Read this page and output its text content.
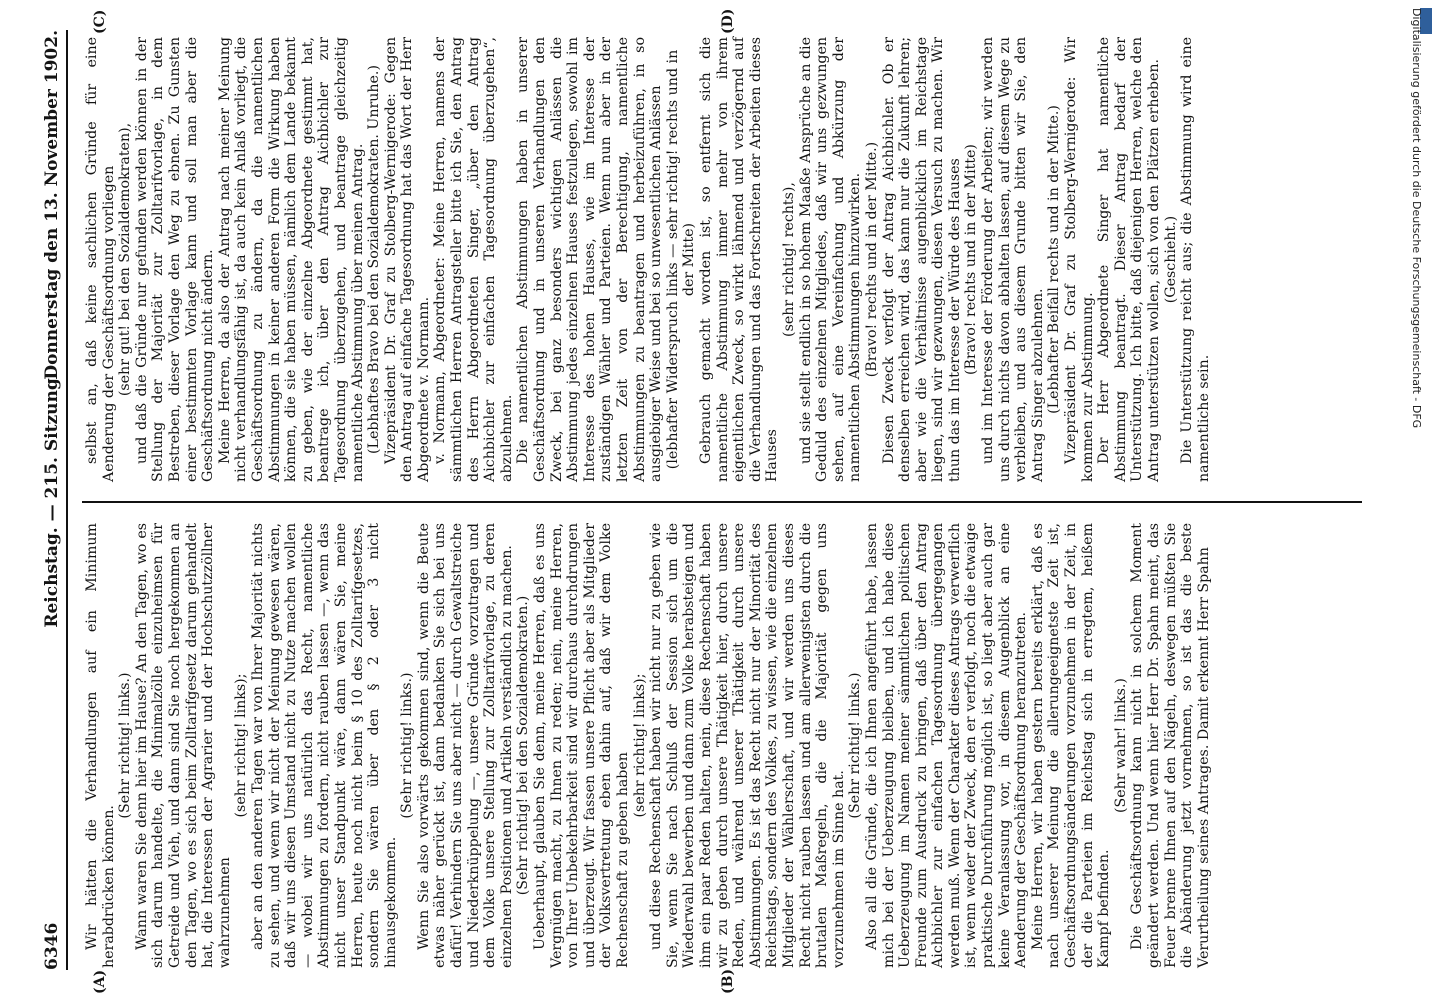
6346
Reichstag. — 215. Sitzung.
Donnerstag den 13. November 1902.
(A)	(B)
(C)	(D)

Wir hätten die Verhandlungen auf ein Minimum herabdrücken können.

(Sehr richtig! links.) Wann waren Sie denn hier im Hause? An den Tagen, wo es sich darum handelte, die Minimalzölle einzuheimsen für Getreide und Vieh, und dann sind Sie noch hergekommen an den Tagen, wo es sich beim Zolltarifgesetz darum gehandelt hat, die Interessen der Agrarier und der Hochschutzzöllner wahrzunehmen

(sehr richtig! links); aber an den anderen Tagen war von Ihrer Majorität nichts zu sehen, und wenn wir nicht der Meinung gewesen wären, daß wir uns diesen Umstand nicht zu Nutze machen wollen — wobei wir uns natürlich das Recht, namentliche Abstimmungen zu fordern, nicht rauben lassen —, wenn das nicht unser Standpunkt wäre, dann wären Sie, meine Herren, heute noch nicht beim § 10 des Zolltarifgesetzes, sondern Sie wären über den § 2 oder 3 nicht hinausgekommen.

(Sehr richtig! links.) Wenn Sie also vorwärts gekommen sind, wenn die Beute etwas näher gerückt ist, dann bedanken Sie sich bei uns dafür! Verhindern Sie uns aber nicht — durch Gewaltstreiche und Niederknüppelung —, unsere Gründe vorzutragen und dem Volke unsere Stellung zur Zolltarifvorlage, zu deren einzelnen Positionen und Artikeln verständlich zu machen. (Sehr richtig! bei den Sozialdemokraten.) Ueberhaupt, glauben Sie denn, meine Herren, daß es uns Vergnügen macht, zu Ihnen zu reden; nein, meine Herren, von Ihrer Unbekehrbarkeit sind wir durchaus durchdrungen und überzeugt. Wir fassen unsere Pflicht aber als Mitglieder der Volksvertretung eben dahin auf, daß wir dem Volke Rechenschaft zu geben haben

(sehr richtig! links); und diese Rechenschaft haben wir nicht nur zu geben wie Sie, wenn Sie nach Schluß der Session sich um die Wiederwahl bewerben und dann zum Volke herabsteigen und ihm ein paar Reden halten, nein, diese Rechenschaft haben wir zu geben durch unsere Thätigkeit hier, durch unsere Reden, und während unserer Thätigkeit durch unsere Abstimmungen. Es ist das Recht nicht nur der Minorität des Reichstags, sondern des Volkes, zu wissen, wie die einzelnen Mitglieder der Wählerschaft, und wir werden uns dieses Recht nicht rauben lassen und am allerwenigsten durch die brutalen Maßregeln, die die Majorität gegen uns vorzunehmen im Sinne hat.

(Sehr richtig! links.) Also all die Gründe, die ich Ihnen angeführt habe, lassen mich bei der Ueberzeugung bleiben, und ich habe diese Ueberzeugung im Namen meiner sämmtlichen politischen Freunde zum Ausdruck zu bringen, daß über den Antrag Aichbichler zur einfachen Tagesordnung übergegangen werden muß. Wenn der Charakter dieses Antrags verwerflich ist, wenn weder der Zweck, den er verfolgt, noch die etwaige praktische Durchführung möglich ist, so liegt aber auch gar keine Veranlassung vor, in diesem Augenblick an eine Aenderung der Geschäftsordnung heranzutreten. Meine Herren, wir haben gestern bereits erklärt, daß es nach unserer Meinung die allerungeeignetste Zeit ist, Geschäftsordnungsänderungen vorzunehmen in der Zeit, in der die Parteien im Reichstag sich in erregtem, heißem Kampf befinden.

(Sehr wahr! links.) Die Geschäftsordnung kann nicht in solchem Moment geändert werden. Und wenn hier Herr Dr. Spahn meint, das Feuer brenne Ihnen auf den Nägeln, deswegen müßten Sie die Abänderung jetzt vornehmen, so ist das die beste Verurtheilung seines Antrages. Damit erkennt Herr Spahn

selbst an, daß keine sachlichen Gründe für eine Aenderung der Geschäftsordnung vorliegen (sehr gut! bei den Sozialdemokraten), und daß die Gründe nur gefunden werden können in der Stellung der Majorität zur Zolltarifvorlage, in dem Bestreben, dieser Vorlage den Weg zu ebnen. Zu Gunsten einer bestimmten Vorlage kann und soll man aber die Geschäftsordnung nicht ändern. Meine Herren, da also der Antrag nach meiner Meinung nicht verhandlungsfähig ist, da auch kein Anlaß vorliegt, die Geschäftsordnung zu ändern, da die namentlichen Abstimmungen in keiner anderen Form die Wirkung haben können, die sie haben müssen, nämlich dem Lande bekannt zu geben, wie der einzelne Abgeordnete gestimmt hat, beantrage ich, über den Antrag Aichbichler zur Tagesordnung überzugehen, und beantrage gleichzeitig namentliche Abstimmung über meinen Antrag. (Lebhaftes Bravo bei den Sozialdemokraten. Unruhe.) Vizepräsident Dr. Graf zu Stolberg-Wernigerode: Gegen den Antrag auf einfache Tagesordnung hat das Wort der Herr Abgeordnete v. Normann. v. Normann, Abgeordneter: Meine Herren, namens der sämmtlichen Herren Antragsteller bitte ich Sie, den Antrag des Herrn Abgeordneten Singer, „über den Antrag Aichbichler zur einfachen Tagesordnung überzugehen“, abzulehnen. Die namentlichen Abstimmungen haben in unserer Geschäftsordnung und in unseren Verhandlungen den Zweck, bei ganz besonders wichtigen Anlässen die Abstimmung jedes einzelnen Hauses festzulegen, sowohl im Interesse des hohen Hauses, wie im Interesse der zuständigen Wähler und Parteien. Wenn nun aber in der letzten Zeit von der Berechtigung, namentliche Abstimmungen zu beantragen und herbeizuführen, in so ausgiebiger Weise und bei so unwesentlichen Anlässen (lebhafter Widerspruch links — sehr richtig! rechts und in der Mitte) Gebrauch gemacht worden ist, so entfernt sich die namentliche Abstimmung immer mehr von ihrem eigentlichen Zweck, so wirkt lähmend und verzögernd auf die Verhandlungen und das Fortschreiten der Arbeiten dieses Hauses

(sehr richtig! rechts), und sie stellt endlich in so hohem Maaße Ansprüche an die Geduld des einzelnen Mitgliedes, daß wir uns gezwungen sehen, auf eine Vereinfachung und Abkürzung der namentlichen Abstimmungen hinzuwirken. (Bravo! rechts und in der Mitte.) Diesen Zweck verfolgt der Antrag Aichbichler. Ob er denselben erreichen wird, das kann nur die Zukunft lehren; aber wie die Verhältnisse augenblicklich im Reichstage liegen, sind wir gezwungen, diesen Versuch zu machen. Wir thun das im Interesse der Würde des Hauses (Bravo! rechts und in der Mitte) und im Interesse der Förderung der Arbeiten; wir werden uns durch nichts davon abhalten lassen, auf diesem Wege zu verbleiben, und aus diesem Grunde bitten wir Sie, den Antrag Singer abzulehnen. (Lebhafter Beifall rechts und in der Mitte.) Vizepräsident Dr. Graf zu Stolberg-Wernigerode: Wir kommen zur Abstimmung. Der Herr Abgeordnete Singer hat namentliche Abstimmung beantragt. Dieser Antrag bedarf der Unterstützung. Ich bitte, daß diejenigen Herren, welche den Antrag unterstützen wollen, sich von den Plätzen erheben. (Geschieht.) Die Unterstützung reicht aus; die Abstimmung wird eine namentliche sein.	Digitalisierung gefördert durch die Deutsche Forschungsgemeinschaft - DFG
